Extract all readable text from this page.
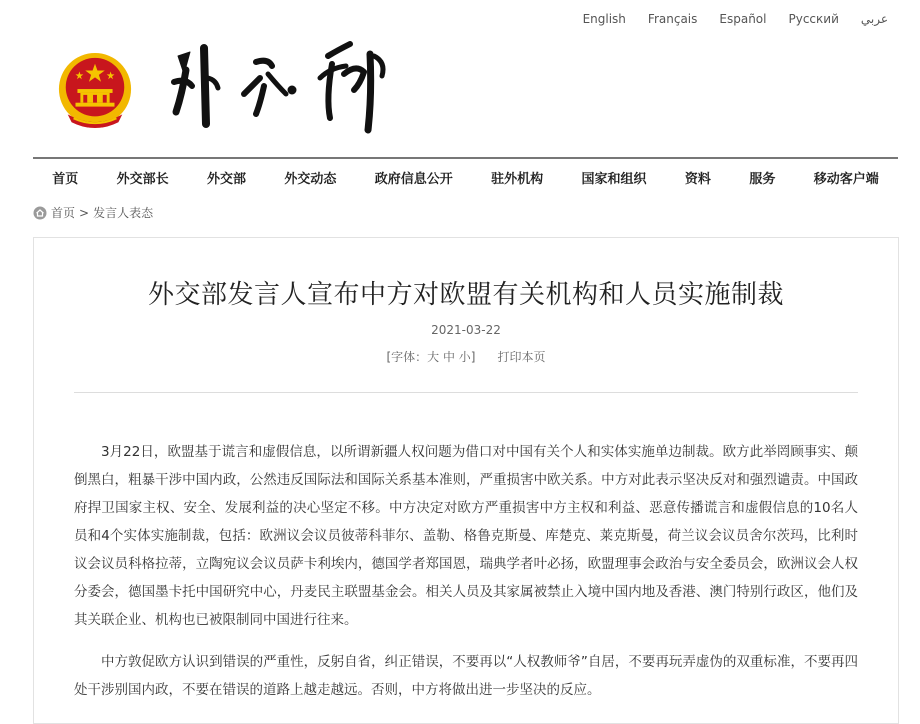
English Français Español Русский عربي
首页	外交部长	外交部	外交动态	政府信息公开	驻外机构	国家和组织	资料	服务	移动客户端
首页 > 发言人表态
外交部发言人宣布中方对欧盟有关机构和人员实施制裁
2021-03-22
[字体：大 中 小] 打印本页

3月22日，欧盟基于谎言和虚假信息，以所谓新疆人权问题为借口对中国有关个人和实体实施单边制裁。欧方此举罔顾事实、颠倒黑白，粗暴干涉中国内政，公然违反国际法和国际关系基本准则，严重损害中欧关系。中方对此表示坚决反对和强烈谴责。中国政府捍卫国家主权、安全、发展利益的决心坚定不移。中方决定对欧方严重损害中方主权和利益、恶意传播谎言和虚假信息的10名人员和4个实体实施制裁，包括：欧洲议会议员彼蒂科菲尔、盖勒、格鲁克斯曼、库楚克、莱克斯曼，荷兰议会议员舍尔茨玛，比利时议会议员科格拉蒂，立陶宛议会议员萨卡利埃内，德国学者郑国恩，瑞典学者叶必扬，欧盟理事会政治与安全委员会，欧洲议会人权分委会，德国墨卡托中国研究中心，丹麦民主联盟基金会。相关人员及其家属被禁止入境中国内地及香港、澳门特别行政区，他们及其关联企业、机构也已被限制同中国进行往来。

中方敦促欧方认识到错误的严重性，反躬自省，纠正错误，不要再以“人权教师爷”自居，不要再玩弄虚伪的双重标准，不要再四处干涉别国内政，不要在错误的道路上越走越远。否则，中方将做出进一步坚决的反应。
